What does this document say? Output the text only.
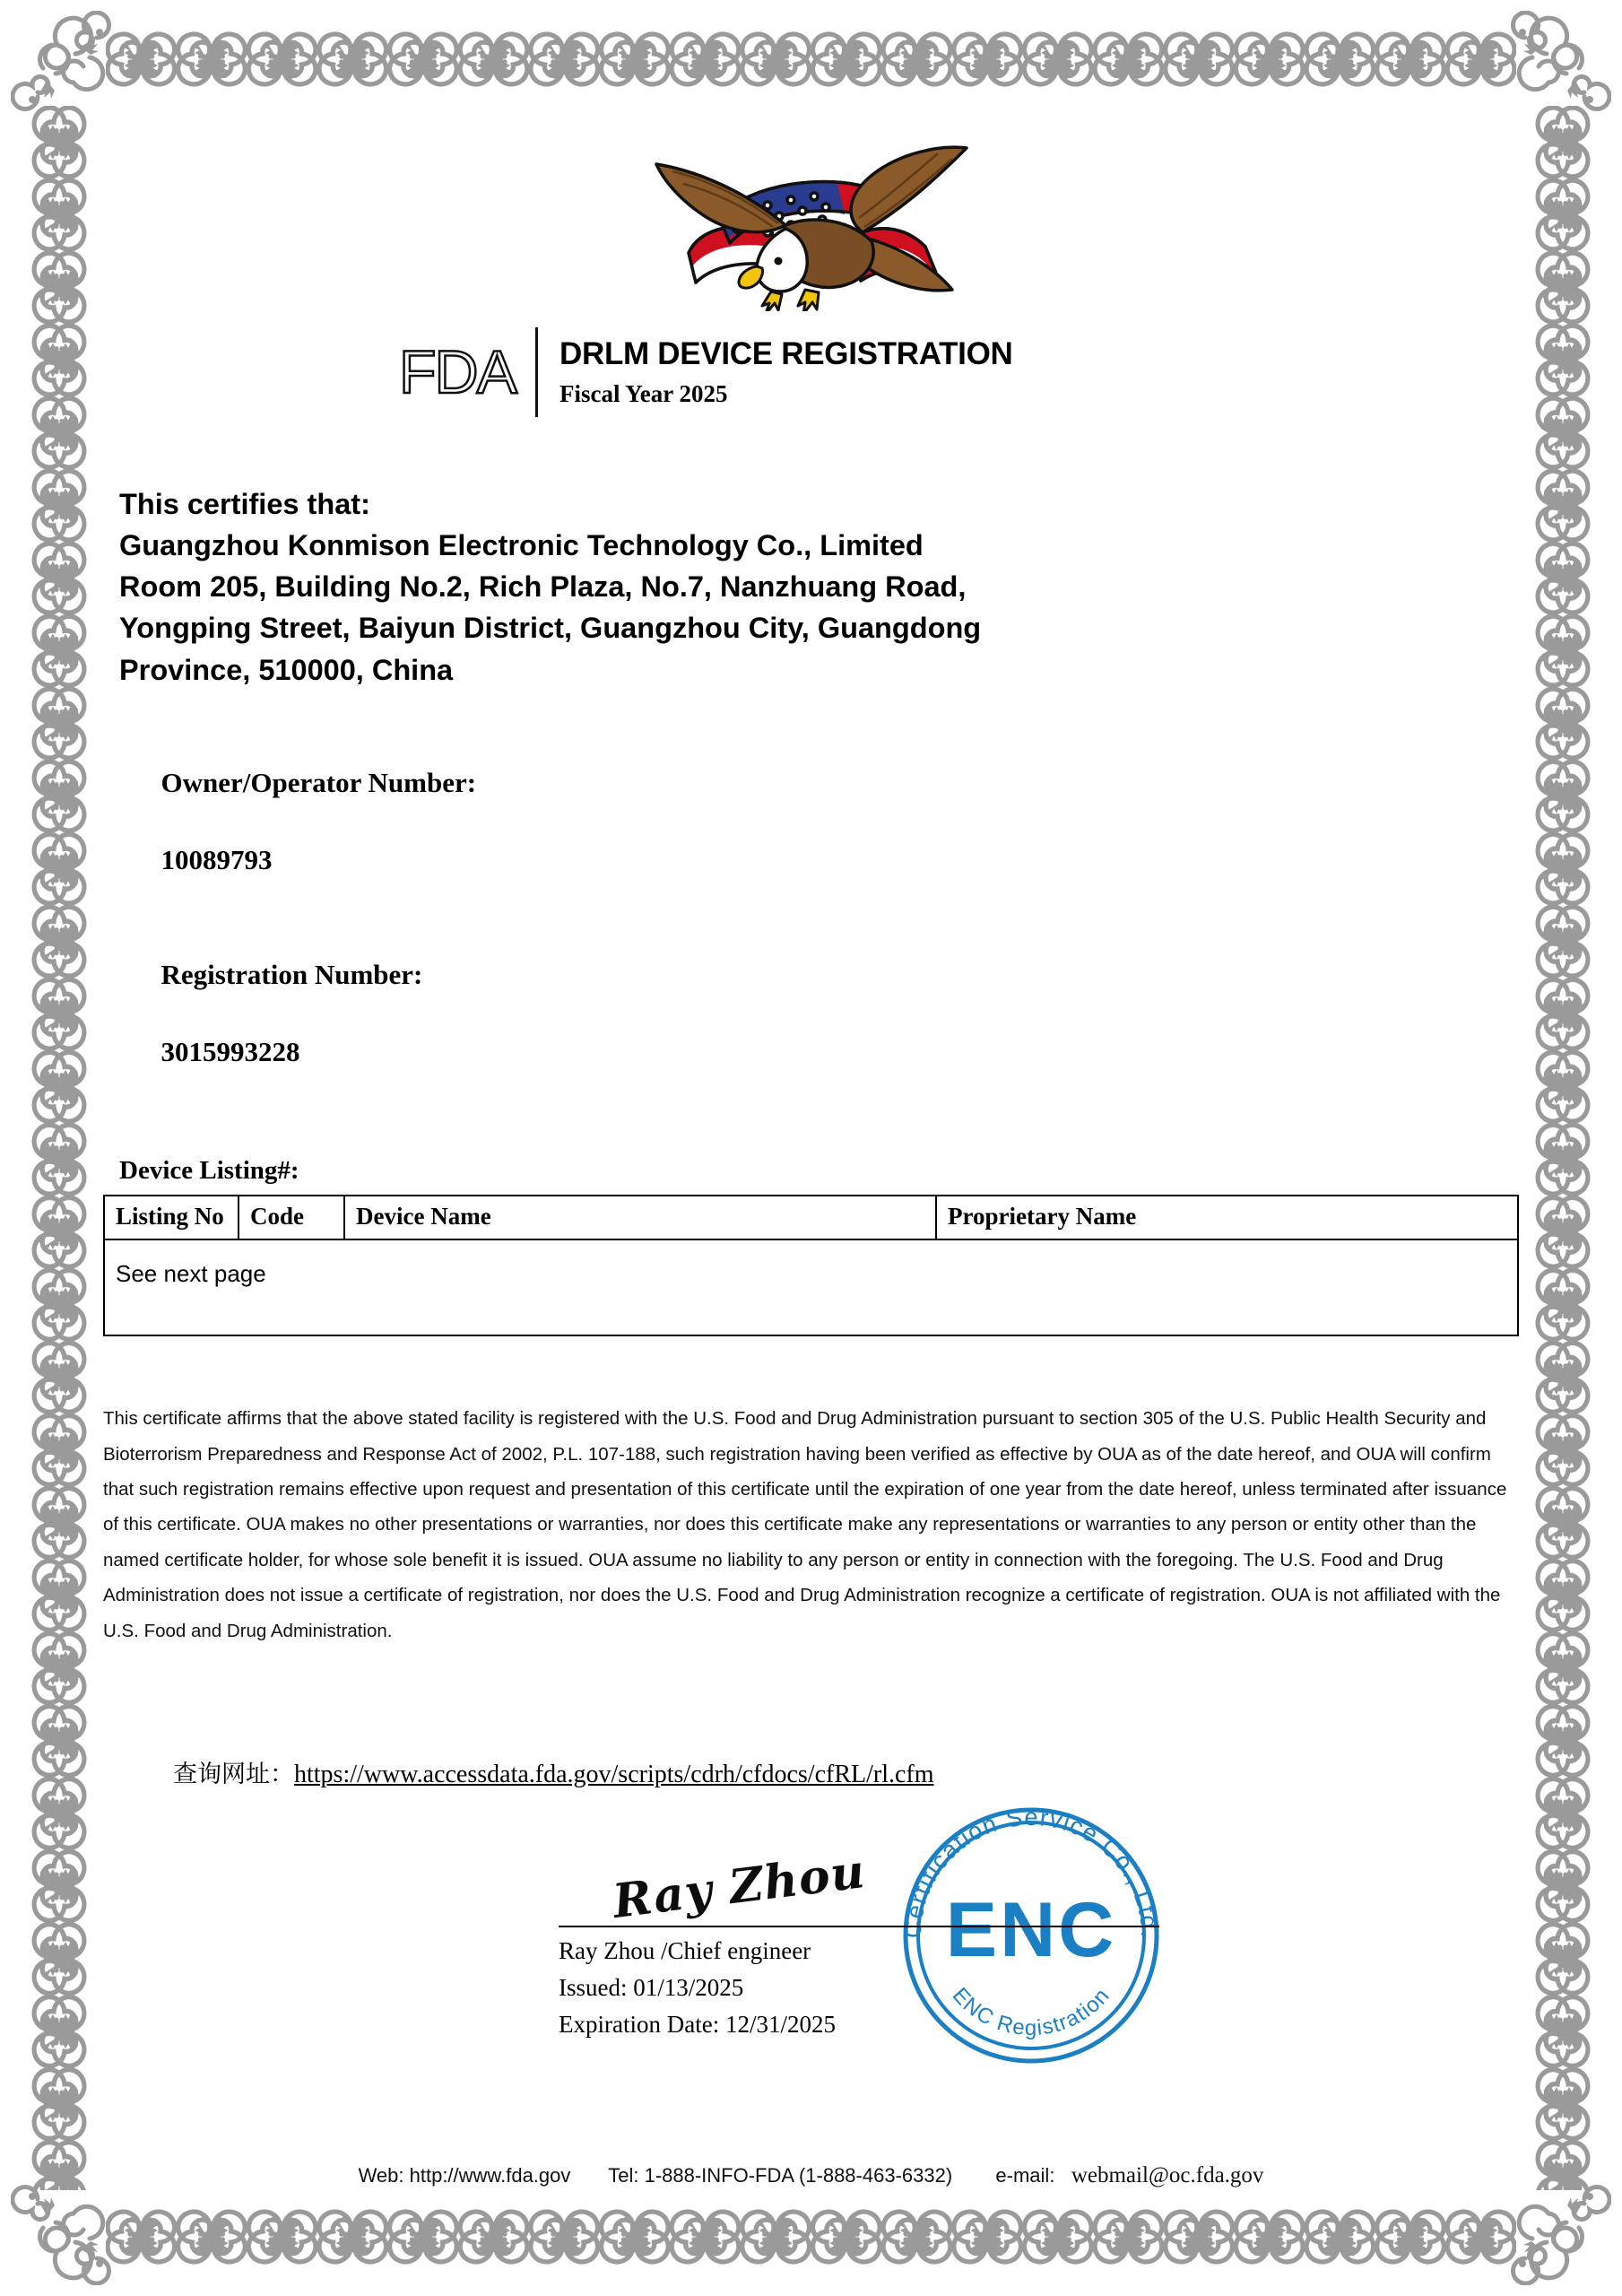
FDA	DRLM DEVICE REGISTRATION
Fiscal Year 2025
This certifies that:
Guangzhou Konmison Electronic Technology Co., Limited
Room 205, Building No.2, Rich Plaza, No.7, Nanzhuang Road,
Yongping Street, Baiyun District, Guangzhou City, Guangdong
Province, 510000, China

Owner/Operator Number:

10089793

Registration Number:

3015993228

Device Listing#:
Listing No	Code	Device Name	Proprietary Name
See next page
This certificate affirms that the above stated facility is registered with the U.S. Food and Drug Administration pursuant to section 305 of the U.S. Public Health Security and Bioterrorism Preparedness and Response Act of 2002, P.L. 107-188, such registration having been verified as effective by OUA as of the date hereof, and OUA will confirm that such registration remains effective upon request and presentation of this certificate until the expiration of one year from the date hereof, unless terminated after issuance of this certificate. OUA makes no other presentations or warranties, nor does this certificate make any representations or warranties to any person or entity other than the named certificate holder, for whose sole benefit it is issued. OUA assume no liability to any person or entity in connection with the foregoing. The U.S. Food and Drug Administration does not issue a certificate of registration, nor does the U.S. Food and Drug Administration recognize a certificate of registration. OUA is not affiliated with the U.S. Food and Drug Administration.
查询网址：https://www.accessdata.fda.gov/scripts/cdrh/cfdocs/cfRL/rl.cfm
Certification Service Co., Ltd.
ENC Registration
ENC
Ray Zhou
Ray Zhou /Chief engineer
Issued: 01/13/2025
Expiration Date: 12/31/2025
Web: http://www.fda.gov Tel: 1-888-INFO-FDA (1-888-463-6332) e-mail: webmail@oc.fda.gov
